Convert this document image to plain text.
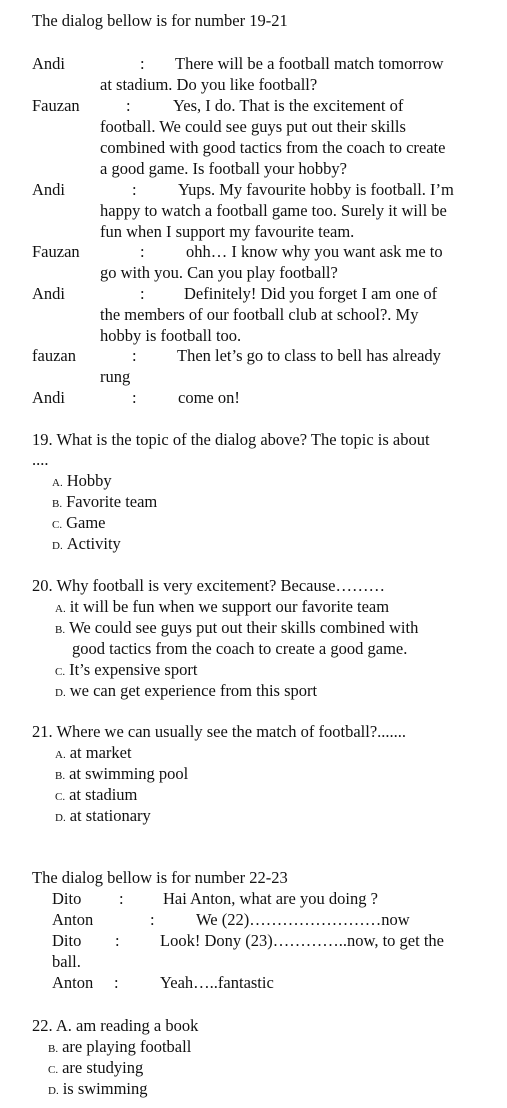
The dialog bellow is for number 19-21
Andi	: There will be a football match tomorrow
at stadium. Do you like football?
Fauzan	:	Yes, I do. That is the excitement of
football. We could see guys put out their skills
combined with good tactics from the coach to create
a good game. Is football your hobby?
Andi	:	Yups. My favourite hobby is football. I’m
happy to watch a football game too. Surely it will be
fun when I support my favourite team.
Fauzan	:	ohh… I know why you want ask me to
go with you. Can you play football?
Andi	: Definitely! Did you forget I am one of
the members of our football club at school?. My
hobby is football too.
fauzan	: Then let’s go to class to bell has already
rung
Andi	:	come on!
19. What is the topic of the dialog above? The topic is about
....
A. Hobby
B. Favorite team
C. Game
D. Activity
20. Why football is very excitement? Because………
A. it will be fun when we support our favorite team
B. We could see guys put out their skills combined with
good tactics from the coach to create a good game.
C. It’s expensive sport
D. we can get experience from this sport
21. Where we can usually see the match of football?.......
A. at market
B. at swimming pool
C. at stadium
D. at stationary
The dialog bellow is for number 22-23
Dito : Hai Anton, what are you doing ?
Anton	:	We (22)……………………now
Dito : Look! Dony (23)…………..now, to get the
ball.
Anton :	Yeah…..fantastic
22. A. am reading a book
B. are playing football
C. are studying
D. is swimming
